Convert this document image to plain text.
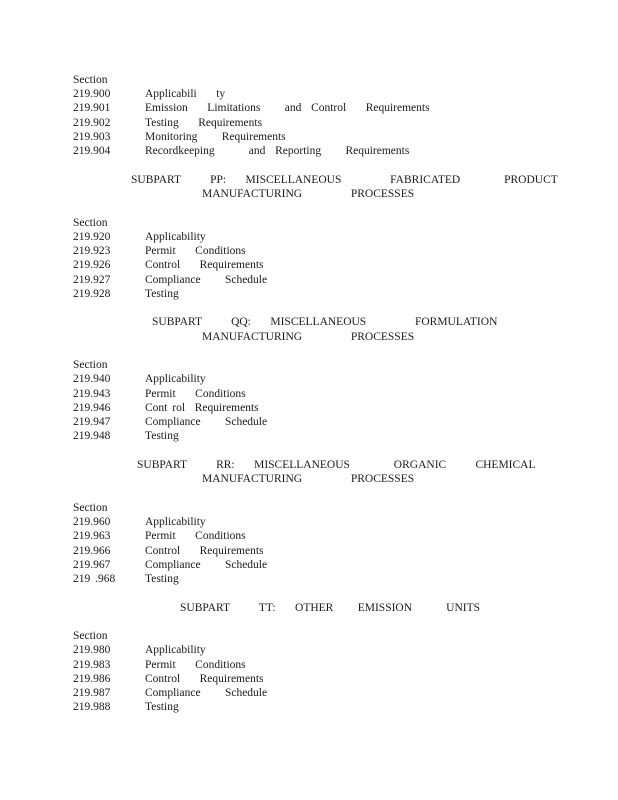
Section
219.900	Applicabili    ty
219.901	Emission    Limitations     and  Control    Requirements
219.902	Testing    Requirements
219.903	Monitoring     Requirements
219.904	Recordkeeping       and  Reporting     Requirements
SUBPART      PP:    MISCELLANEOUS          FABRICATED         PRODUCT
MANUFACTURING          PROCESSES
Section
219.920	Applicability
219.923	Permit    Conditions
219.926	Control    Requirements
219.927	Compliance     Schedule
219.928	Testing
SUBPART      QQ:    MISCELLANEOUS          FORMULATION
MANUFACTURING          PROCESSES
Section
219.940	Applicability
219.943	Permit    Conditions
219.946	Cont rol  Requirements
219.947	Compliance     Schedule
219.948	Testing
SUBPART      RR:    MISCELLANEOUS         ORGANIC      CHEMICAL
MANUFACTURING          PROCESSES
Section
219.960	Applicability
219.963	Permit    Conditions
219.966	Control    Requirements
219.967	Compliance     Schedule
219 .968	Testing
SUBPART      TT:    OTHER     EMISSION       UNITS
Section
219.980	Applicability
219.983	Permit    Conditions
219.986	Control    Requirements
219.987	Compliance     Schedule
219.988	Testing
